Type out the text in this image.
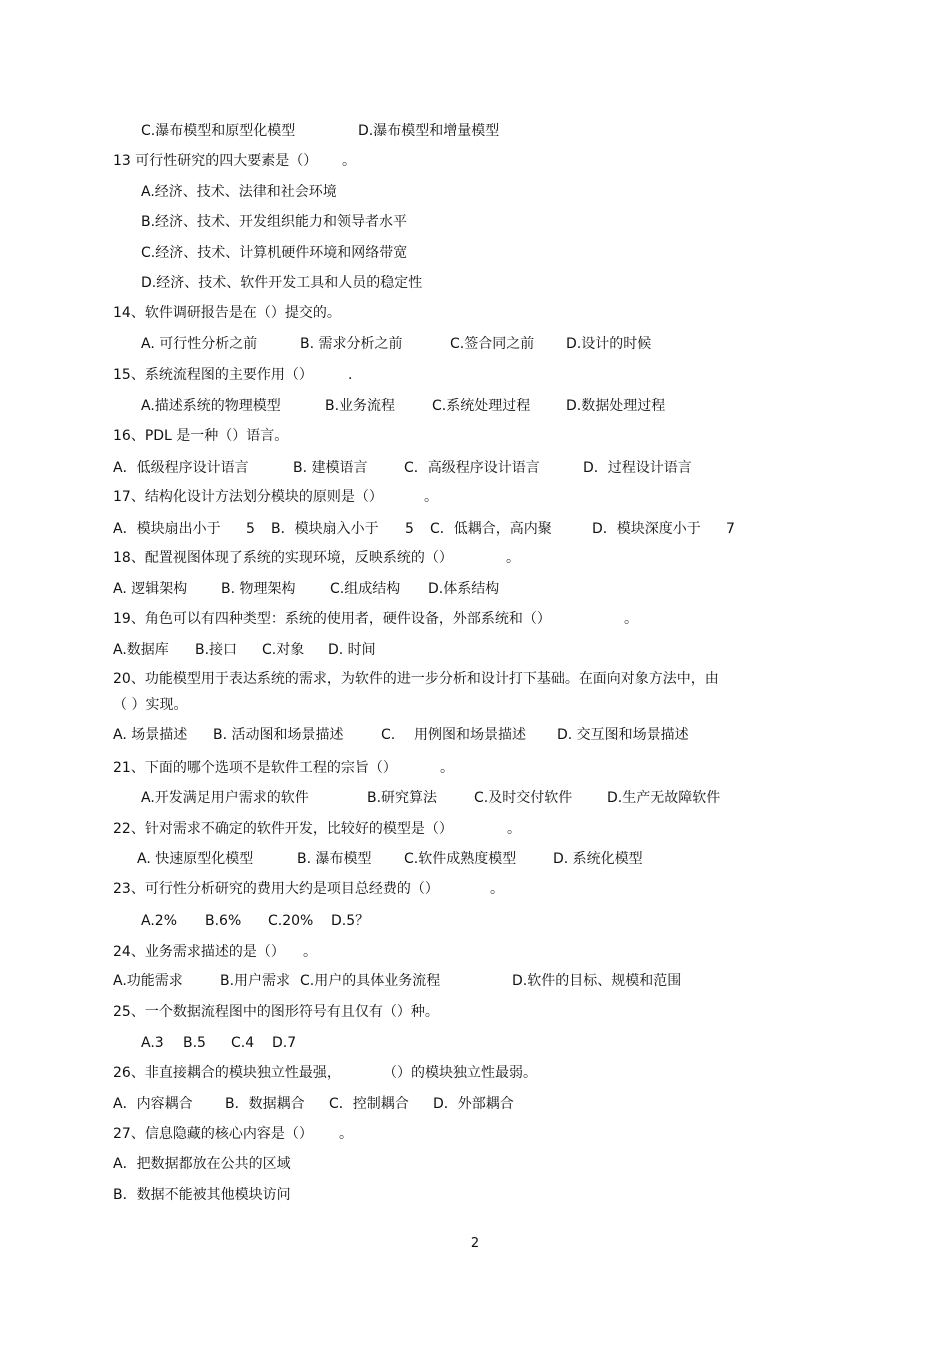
C.瀑布模型和原型化模型	D.瀑布模型和增量模型
13 可行性研究的四大要素是（） 。
A.经济、技术、法律和社会环境
B.经济、技术、开发组织能力和领导者水平
C.经济、技术、计算机硬件环境和网络带宽
D.经济、技术、软件开发工具和人员的稳定性
14、软件调研报告是在（）提交的。
A. 可行性分析之前	B. 需求分析之前	C.签合同之前 D.设计的时候
15、系统流程图的主要作用（）	.
A.描述系统的物理模型	B.业务流程	C.系统处理过程	D.数据处理过程
16、PDL 是一种（）语言。
A．低级程序设计语言	B. 建模语言	C．高级程序设计语言	D．过程设计语言
17、结构化设计方法划分模块的原则是（）	。
A．模块扇出小于 5 B．模块扇入小于 5 C．低耦合，高内聚	D．模块深度小于 7
18、配置视图体现了系统的实现环境，反映系统的（）	。
A. 逻辑架构 B. 物理架构 C.组成结构 D.体系结构
19、角色可以有四种类型：系统的使用者，硬件设备，外部系统和（）	。
A.数据库 B.接口 C.对象 D. 时间
20、功能模型用于表达系统的需求，为软件的进一步分析和设计打下基础。在面向对象方法中，由
（ ）实现。
A. 场景描述 B. 活动图和场景描述	C. 用例图和场景描述 D. 交互图和场景描述
21、下面的哪个选项不是软件工程的宗旨（）	。
A.开发满足用户需求的软件	B.研究算法	C.及时交付软件 D.生产无故障软件
22、针对需求不确定的软件开发，比较好的模型是（）	。
A. 快速原型化模型	B. 瀑布模型 C.软件成熟度模型	D. 系统化模型
23、可行性分析研究的费用大约是项目总经费的（）	。
A.2% B.6% C.20% D.5？
24、业务需求描述的是（） 。
A.功能需求	B.用户需求 C.用户的具体业务流程	D.软件的目标、规模和范围
25、一个数据流程图中的图形符号有且仅有（）种。
A.3 B.5 C.4 D.7
26、非直接耦合的模块独立性最强，	（）的模块独立性最弱。
A．内容耦合 B．数据耦合 C．控制耦合 D．外部耦合
27、信息隐藏的核心内容是（） 。
A．把数据都放在公共的区域
B．数据不能被其他模块访问
2
